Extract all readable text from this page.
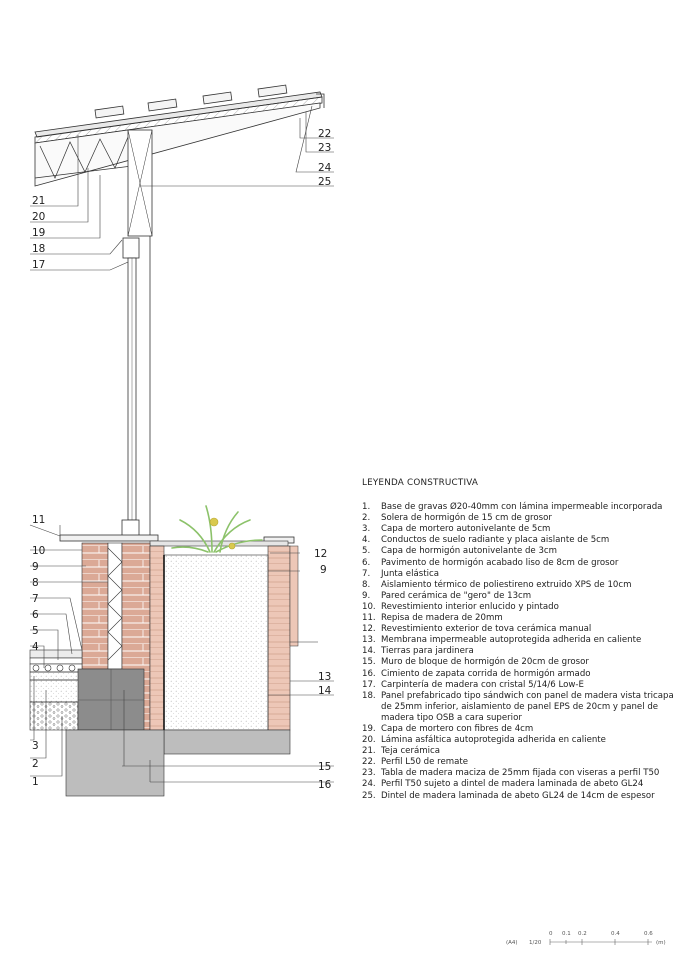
22
23
24
25
21
20
19
18
17
11
10
9
8
7
6
5
4
3
2
1
12
9
13
14
15
16
(A4) 1/20
0 0.1 0.2	0.4	0.6
(m)
LEYENDA CONSTRUCTIVA
1.	Base de gravas Ø20-40mm con lámina impermeable incorporada
2.	Solera de hormigón de 15 cm de grosor
3.	Capa de mortero autonivelante de 5cm
4.	Conductos de suelo radiante y placa aislante de 5cm
5.	Capa de hormigón autonivelante de 3cm
6.	Pavimento de hormigón acabado liso de 8cm de grosor
7.	Junta elástica
8.	Aislamiento térmico de poliestireno extruido XPS de 10cm
9.	Pared cerámica de "gero" de 13cm
10. Revestimiento interior enlucido y pintado
11. Repisa de madera de 20mm
12. Revestimiento exterior de tova cerámica manual
13. Membrana impermeable autoprotegida adherida en caliente
14. Tierras para jardinera
15. Muro de bloque de hormigón de 20cm de grosor
16. Cimiento de zapata corrida de hormigón armado
17. Carpintería de madera con cristal 5/14/6 Low-E
18. Panel prefabricado tipo sándwich con panel de madera vista tricapa de 25mm inferior, aislamiento de panel EPS de 20cm y panel de madera tipo OSB a cara superior
19. Capa de mortero con fibres de 4cm
20. Lámina asfáltica autoprotegida adherida en caliente
21. Teja cerámica
22. Perfil L50 de remate
23. Tabla de madera maciza de 25mm fijada con viseras a perfil T50
24. Perfil T50 sujeto a dintel de madera laminada de abeto GL24
25. Dintel de madera laminada de abeto GL24 de 14cm de espesor
